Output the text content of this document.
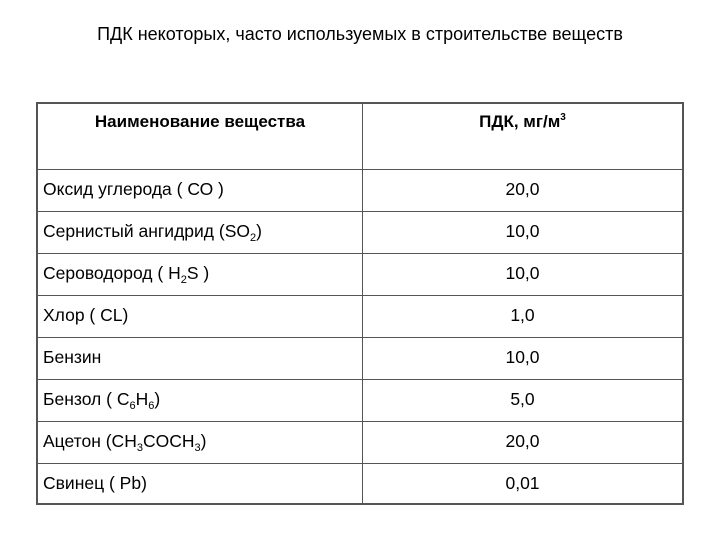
ПДК некоторых, часто используемых в строительстве веществ
Наименование вещества	ПДК, $мг/м^3$
Оксид углерода ( СО )	20,0
Сернистый ангидрид $(SO_2)$	10,0
Сероводород ( $H_2S$ )	10,0
Хлор ( CL)	1,0
Бензин	10,0
Бензол ( $C_6H_6$)	5,0
Ацетон $(CH_3COCH_3)$	20,0
Свинец ( Pb)	0,01
